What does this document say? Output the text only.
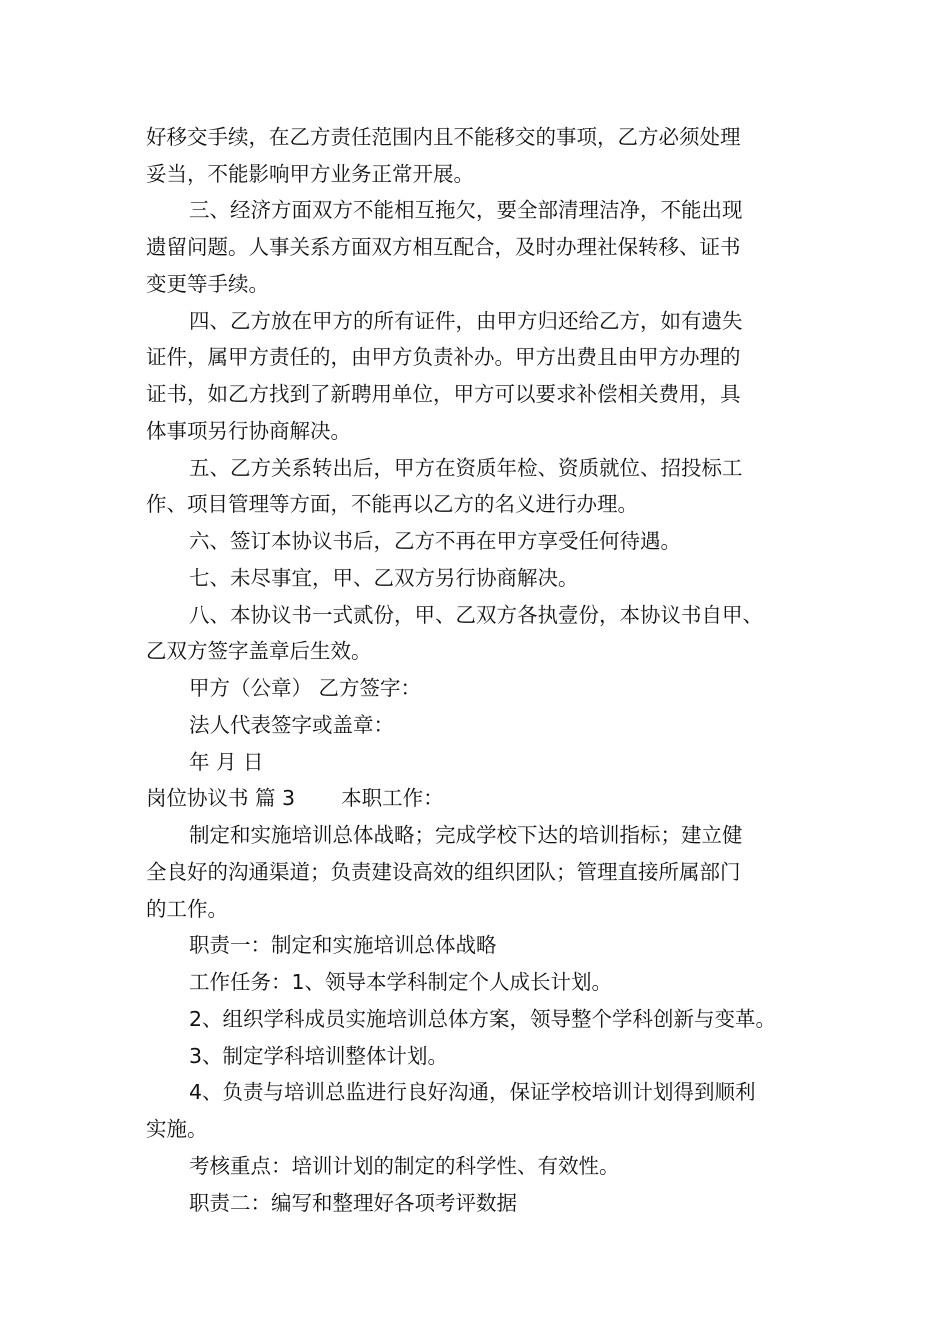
好移交手续，在乙方责任范围内且不能移交的事项，乙方必须处理
妥当，不能影响甲方业务正常开展。
三、经济方面双方不能相互拖欠，要全部清理洁净，不能出现
遗留问题。人事关系方面双方相互配合，及时办理社保转移、证书
变更等手续。
四、乙方放在甲方的所有证件，由甲方归还给乙方，如有遗失
证件，属甲方责任的，由甲方负责补办。甲方出费且由甲方办理的
证书，如乙方找到了新聘用单位，甲方可以要求补偿相关费用，具
体事项另行协商解决。
五、乙方关系转出后，甲方在资质年检、资质就位、招投标工
作、项目管理等方面，不能再以乙方的名义进行办理。
六、签订本协议书后，乙方不再在甲方享受任何待遇。
七、未尽事宜，甲、乙双方另行协商解决。
八、本协议书一式贰份，甲、乙双方各执壹份，本协议书自甲、
乙双方签字盖章后生效。
甲方（公章） 乙方签字：
法人代表签字或盖章：
年 月 日
岗位协议书 篇 3 本职工作：
制定和实施培训总体战略；完成学校下达的培训指标；建立健
全良好的沟通渠道；负责建设高效的组织团队；管理直接所属部门
的工作。
职责一：制定和实施培训总体战略
工作任务：1、领导本学科制定个人成长计划。
2、组织学科成员实施培训总体方案，领导整个学科创新与变革。
3、制定学科培训整体计划。
4、负责与培训总监进行良好沟通，保证学校培训计划得到顺利
实施。
考核重点：培训计划的制定的科学性、有效性。
职责二：编写和整理好各项考评数据
